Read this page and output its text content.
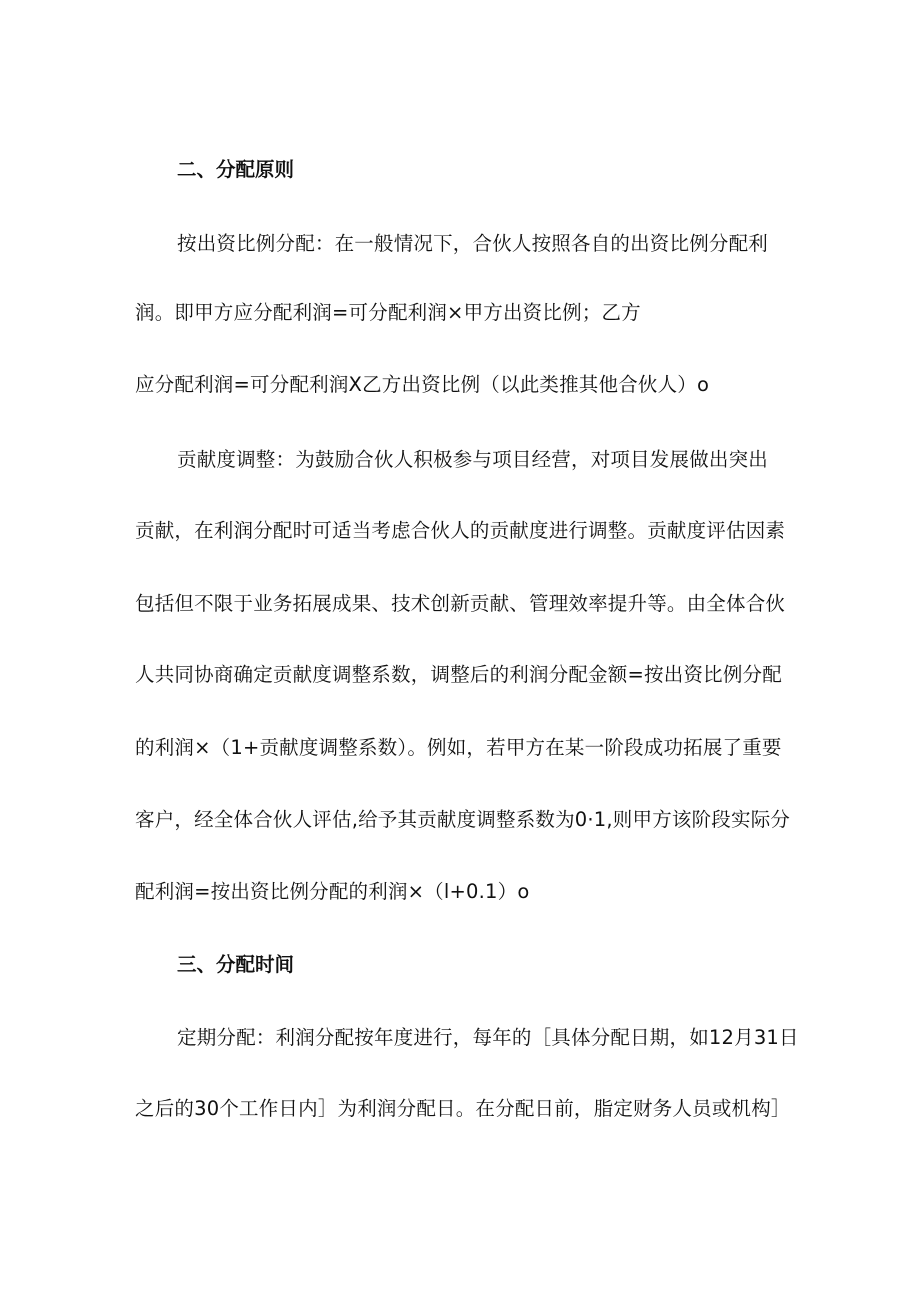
二、分配原则
按出资比例分配：在一般情况下，合伙人按照各自的出资比例分配利
润。即甲方应分配利润=可分配利润×甲方出资比例；乙方
应分配利润=可分配利润X乙方出资比例（以此类推其他合伙人）o
贡献度调整：为鼓励合伙人积极参与项目经营，对项目发展做出突出
贡献，在利润分配时可适当考虑合伙人的贡献度进行调整。贡献度评估因素
包括但不限于业务拓展成果、技术创新贡献、管理效率提升等。由全体合伙
人共同协商确定贡献度调整系数，调整后的利润分配金额=按出资比例分配
的利润×（1+贡献度调整系数）。例如，若甲方在某一阶段成功拓展了重要
客户，经全体合伙人评估,给予其贡献度调整系数为0·1,则甲方该阶段实际分
配利润=按出资比例分配的利润×（l+0.1）o
三、分配时间
定期分配：利润分配按年度进行，每年的［具体分配日期，如12月31日
之后的30个工作日内］为利润分配日。在分配日前，脂定财务人员或机构］
